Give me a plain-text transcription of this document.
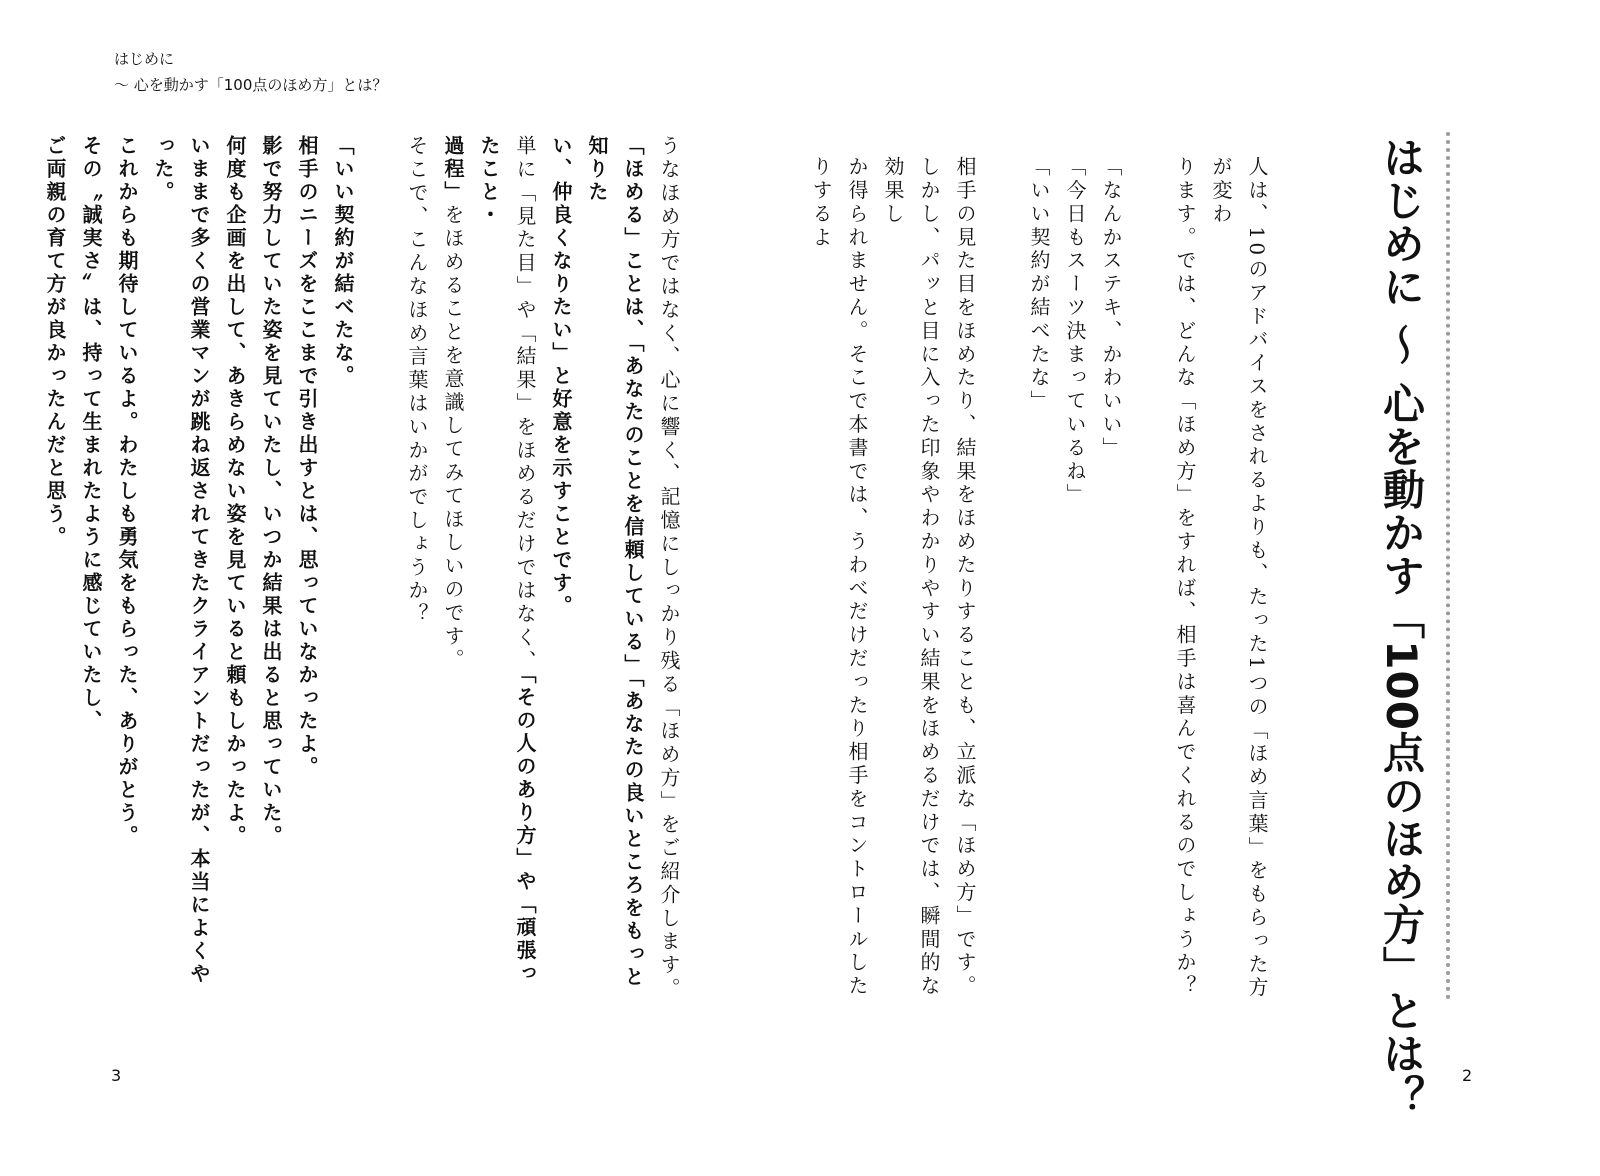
はじめに
〜 心を動かす「100点のほめ方」とは？
3	2
はじめに 〜 心を動かす「100点のほめ方」とは？

人は、10のアドバイスをされるよりも、たった1つの「ほめ言葉」をもらった方が変わ

ります。では、どんな「ほめ方」をすれば、相手は喜んでくれるのでしょうか？

「なんかステキ、かわいい」

「今日もスーツ決まっているね」

「いい契約が結べたな」

相手の見た目をほめたり、結果をほめたりすることも、立派な「ほめ方」です。

しかし、パッと目に入った印象やわかりやすい結果をほめるだけでは、瞬間的な効果し

か得られません。そこで本書では、うわべだけだったり相手をコントロールしたりするよ

うなほめ方ではなく、心に響く、記憶にしっかり残る「ほめ方」をご紹介します。

「ほめる」ことは、「あなたのことを信頼している」「あなたの良いところをもっと知りた

い、仲良くなりたい」と好意を示すことです。

単に「見た目」や「結果」をほめるだけではなく、「その人のあり方」や「頑張ったこと・

過程」をほめることを意識してみてほしいのです。

そこで、こんなほめ言葉はいかがでしょうか？

「いい契約が結べたな。

相手のニーズをここまで引き出すとは、思っていなかったよ。

影で努力していた姿を見ていたし、いつか結果は出ると思っていた。

何度も企画を出して、あきらめない姿を見ていると頼もしかったよ。

いままで多くの営業マンが跳ね返されてきたクライアントだったが、本当によくやった。

これからも期待しているよ。わたしも勇気をもらった、ありがとう。

その〝誠実さ〟は、持って生まれたように感じていたし、

ご両親の育て方が良かったんだと思う。
